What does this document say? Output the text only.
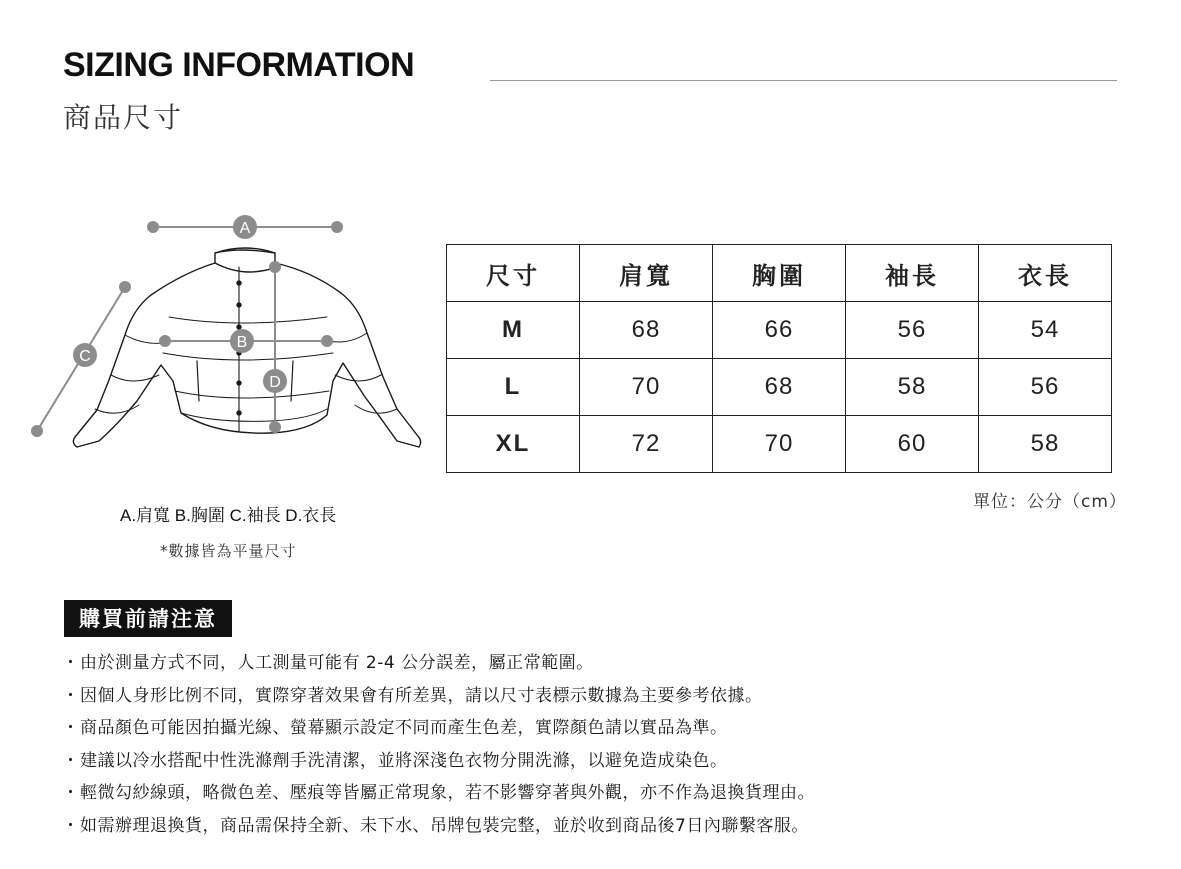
SIZING INFORMATION
商品尺寸
A
B
C
D
A.肩寬 B.胸圍 C.袖長 D.衣長
*數據皆為平量尺寸
尺寸	肩寬	胸圍	袖長	衣長
M	68	66	56	54
L	70	68	58	56
XL	72	70	60	58
單位：公分（cm）
購買前請注意
・由於測量方式不同，人工測量可能有 2-4 公分誤差，屬正常範圍。
・因個人身形比例不同，實際穿著效果會有所差異，請以尺寸表標示數據為主要參考依據。
・商品顏色可能因拍攝光線、螢幕顯示設定不同而產生色差，實際顏色請以實品為準。
・建議以冷水搭配中性洗滌劑手洗清潔，並將深淺色衣物分開洗滌，以避免造成染色。
・輕微勾紗線頭，略微色差、壓痕等皆屬正常現象，若不影響穿著與外觀，亦不作為退換貨理由。
・如需辦理退換貨，商品需保持全新、未下水、吊牌包裝完整，並於收到商品後7日內聯繫客服。
